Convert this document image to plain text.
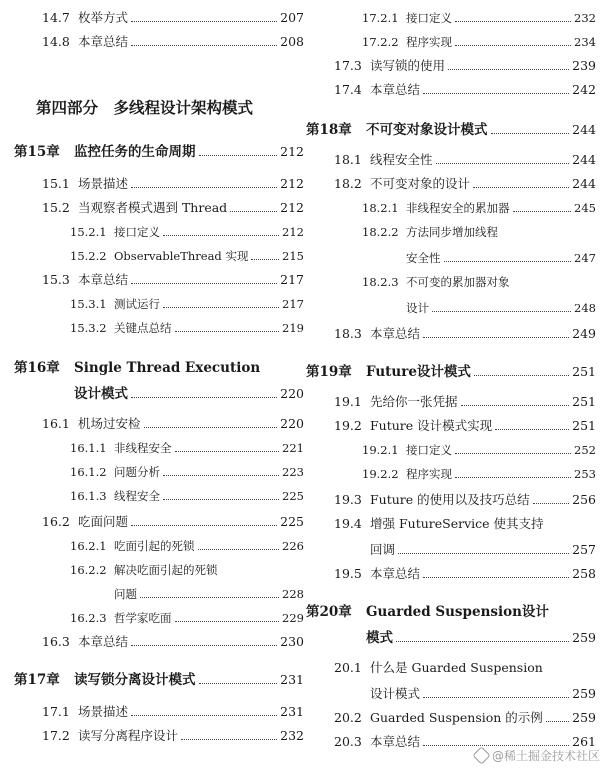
14.7 枚举方式	207
14.8 本章总结	208
第四部分　多线程设计架构模式
第15章	监控任务的生命周期	212
15.1 场景描述	212
15.2 当观察者模式遇到 Thread	212
15.2.1 接口定义	212
15.2.2 ObservableThread 实现	215
15.3 本章总结	217
15.3.1 测试运行	217
15.3.2 关键点总结	219
第16章	Single Thread Execution
设计模式	220
16.1 机场过安检	220
16.1.1 非线程安全	221
16.1.2 问题分析	223
16.1.3 线程安全	225
16.2 吃面问题	225
16.2.1 吃面引起的死锁	226
16.2.2 解决吃面引起的死锁
问题	228
16.2.3 哲学家吃面	229
16.3 本章总结	230
第17章	读写锁分离设计模式	231
17.1 场景描述	231
17.2 读写分离程序设计	232
17.2.1 接口定义	232
17.2.2 程序实现	234
17.3 读写锁的使用	239
17.4 本章总结	242
第18章	不可变对象设计模式	244
18.1 线程安全性	244
18.2 不可变对象的设计	244
18.2.1 非线程安全的累加器	245
18.2.2 方法同步增加线程
安全性	247
18.2.3 不可变的累加器对象
设计	248
18.3 本章总结	249
第19章	Future设计模式	251
19.1 先给你一张凭据	251
19.2 Future 设计模式实现	251
19.2.1 接口定义	252
19.2.2 程序实现	253
19.3 Future 的使用以及技巧总结	256
19.4 增强 FutureService 使其支持
回调	257
19.5 本章总结	258
第20章	Guarded Suspension设计
模式	259
20.1 什么是 Guarded Suspension
设计模式	259
20.2 Guarded Suspension 的示例 259
20.3 本章总结	261
@稀土掘金技术社区
